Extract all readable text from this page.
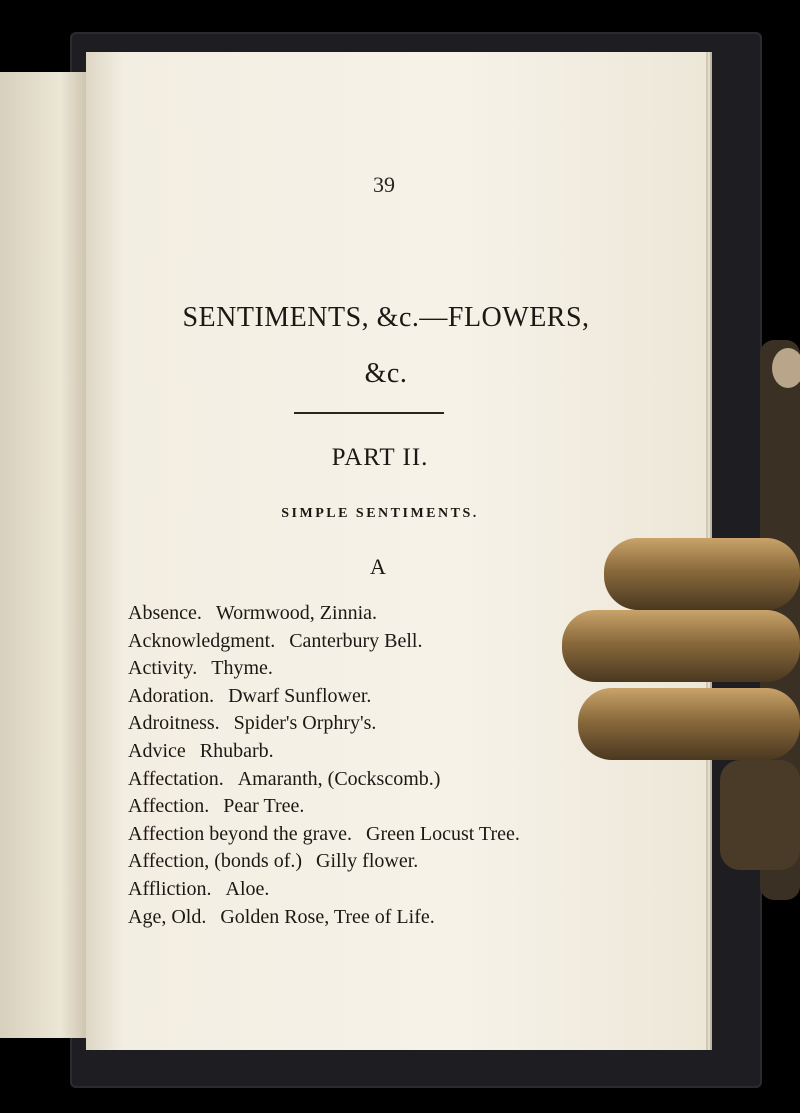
39
SENTIMENTS, &c.—FLOWERS,
&c.
PART II.
SIMPLE SENTIMENTS.
A
Absence. Wormwood, Zinnia.
Acknowledgment. Canterbury Bell.
Activity. Thyme.
Adoration. Dwarf Sunflower.
Adroitness. Spider's Orphry's.
Advice Rhubarb.
Affectation. Amaranth, (Cockscomb.)
Affection. Pear Tree.
Affection beyond the grave. Green Locust Tree.
Affection, (bonds of.) Gilly flower.
Affliction. Aloe.
Age, Old. Golden Rose, Tree of Life.
